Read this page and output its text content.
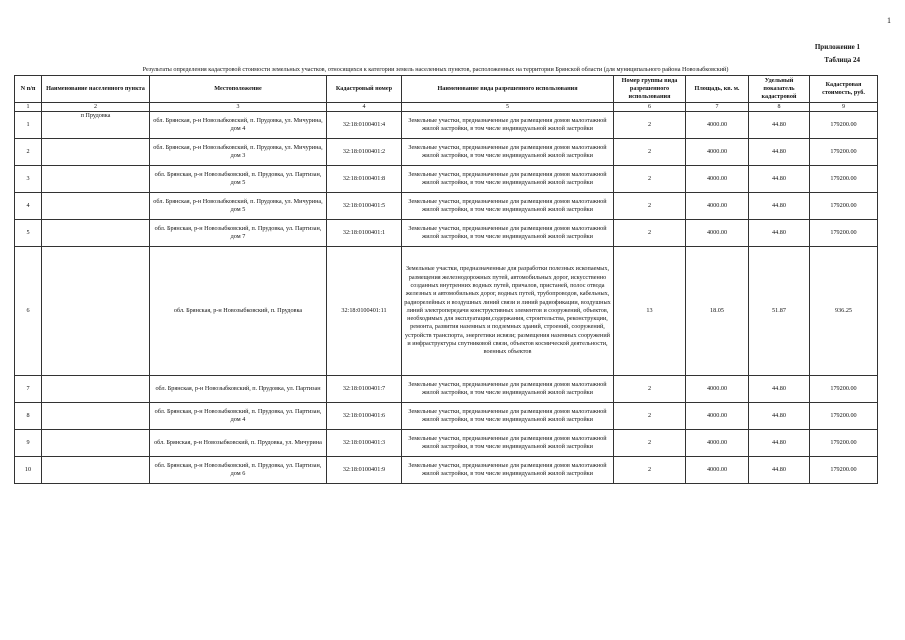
1
Приложение 1
Таблица 24
Результаты определения кадастровой стоимости земельных участков, относящихся к категории земель населенных пунктов, расположенных на территории Брянской области (для муниципального района Новозыбковский)
N п/п	Наименование населенного пункта	Местоположение	Кадастровый номер	Наименование вида разрешенного использования	Номер группы вида разрешенного использования	Площадь, кв. м.	Удельный показатель кадастровой	Кадастровая стоимость, руб.
1	2	3	4	5	6	7	8	9
1	п Прудовка	обл. Брянская, р-н Новозыбковский, п. Прудовка, ул. Мичурина, дом 4	32:18:0100401:4	Земельные участки, предназначенные для размещения домов малоэтажной жилой застройки, в том числе индивидуальной жилой застройки	2	4000.00	44.80	179200.00
2		обл. Брянская, р-н Новозыбковский, п. Прудовка, ул. Мичурина, дом 3	32:18:0100401:2	Земельные участки, предназначенные для размещения домов малоэтажной жилой застройки, в том числе индивидуальной жилой застройки	2	4000.00	44.80	179200.00
3		обл. Брянская, р-н Новозыбковский, п. Прудовка, ул. Партизан, дом 5	32:18:0100401:8	Земельные участки, предназначенные для размещения домов малоэтажной жилой застройки, в том числе индивидуальной жилой застройки	2	4000.00	44.80	179200.00
4		обл. Брянская, р-н Новозыбковский, п. Прудовка, ул. Мичурина, дом 5	32:18:0100401:5	Земельные участки, предназначенные для размещения домов малоэтажной жилой застройки, в том числе индивидуальной жилой застройки	2	4000.00	44.80	179200.00
5		обл. Брянская, р-н Новозыбковский, п. Прудовка, ул. Партизан, дом 7	32:18:0100401:1	Земельные участки, предназначенные для размещения домов малоэтажной жилой застройки, в том числе индивидуальной жилой застройки	2	4000.00	44.80	179200.00
6		обл. Брянская, р-н Новозыбковский, п. Прудовка	32:18:0100401:11	Земельные участки, предназначенные для разработки полезных ископаемых, размещения железнодорожных путей, автомобильных дорог, искусственно созданных внутренних водных путей, причалов, пристаней, полос отвода железных и автомобильных дорог, водных путей, трубопроводов, кабельных, радиорелейных и воздушных линий связи и линий радиофикации, воздушных линий электропередачи конструктивных элементов и сооружений, объектов, необходимых для эксплуатации,содержания, строительства, реконструкции, ремонта, развития наземных и подземных зданий, строений, сооружений, устройств транспорта, энергетики исвязи; размещения наземных сооружений и инфраструктуры спутниковой связи, объектов космической деятельности, военных объектов	13	18.05	51.87	936.25
7		обл. Брянская, р-н Новозыбковский, п. Прудовка, ул. Партизан	32:18:0100401:7	Земельные участки, предназначенные для размещения домов малоэтажной жилой застройки, в том числе индивидуальной жилой застройки	2	4000.00	44.80	179200.00
8		обл. Брянская, р-н Новозыбковский, п. Прудовка, ул. Партизан, дом 4	32:18:0100401:6	Земельные участки, предназначенные для размещения домов малоэтажной жилой застройки, в том числе индивидуальной жилой застройки	2	4000.00	44.80	179200.00
9		обл. Брянская, р-н Новозыбковский, п. Прудовка, ул. Мичурина	32:18:0100401:3	Земельные участки, предназначенные для размещения домов малоэтажной жилой застройки, в том числе индивидуальной жилой застройки	2	4000.00	44.80	179200.00
10		обл. Брянская, р-н Новозыбковский, п. Прудовка, ул. Партизан, дом 6	32:18:0100401:9	Земельные участки, предназначенные для размещения домов малоэтажной жилой застройки, в том числе индивидуальной жилой застройки	2	4000.00	44.80	179200.00
